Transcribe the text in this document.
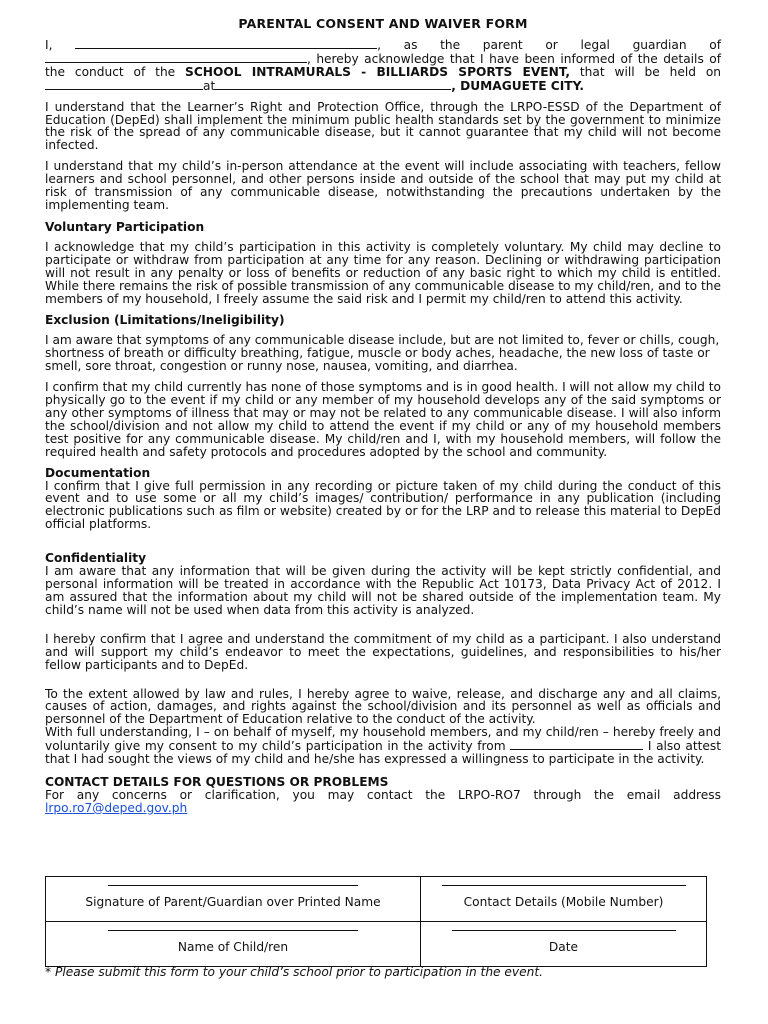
PARENTAL CONSENT AND WAIVER FORM

I,	, as the parent or legal guardian of , hereby acknowledge that I have been informed of the details of the conduct of the SCHOOL INTRAMURALS - BILLIARDS SPORTS EVENT, that will be held on at	, DUMAGUETE CITY.

I understand that the Learner’s Right and Protection Office, through the LRPO-ESSD of the Department of Education (DepEd) shall implement the minimum public health standards set by the government to minimize the risk of the spread of any communicable disease, but it cannot guarantee that my child will not become infected.

I understand that my child’s in-person attendance at the event will include associating with teachers, fellow learners and school personnel, and other persons inside and outside of the school that may put my child at risk of transmission of any communicable disease, notwithstanding the precautions undertaken by the implementing team.

Voluntary Participation

I acknowledge that my child’s participation in this activity is completely voluntary. My child may decline to participate or withdraw from participation at any time for any reason. Declining or withdrawing participation will not result in any penalty or loss of benefits or reduction of any basic right to which my child is entitled. While there remains the risk of possible transmission of any communicable disease to my child/ren, and to the members of my household, I freely assume the said risk and I permit my child/ren to attend this activity.

Exclusion (Limitations/Ineligibility)

I am aware that symptoms of any communicable disease include, but are not limited to, fever or chills, cough, shortness of breath or difficulty breathing, fatigue, muscle or body aches, headache, the new loss of taste or smell, sore throat, congestion or runny nose, nausea, vomiting, and diarrhea.

I confirm that my child currently has none of those symptoms and is in good health. I will not allow my child to physically go to the event if my child or any member of my household develops any of the said symptoms or any other symptoms of illness that may or may not be related to any communicable disease. I will also inform the school/division and not allow my child to attend the event if my child or any of my household members test positive for any communicable disease. My child/ren and I, with my household members, will follow the required health and safety protocols and procedures adopted by the school and community.

Documentation

I confirm that I give full permission in any recording or picture taken of my child during the conduct of this event and to use some or all my child’s images/ contribution/ performance in any publication (including electronic publications such as film or website) created by or for the LRP and to release this material to DepEd official platforms.

Confidentiality

I am aware that any information that will be given during the activity will be kept strictly confidential, and personal information will be treated in accordance with the Republic Act 10173, Data Privacy Act of 2012. I am assured that the information about my child will not be shared outside of the implementation team. My child’s name will not be used when data from this activity is analyzed.

I hereby confirm that I agree and understand the commitment of my child as a participant. I also understand and will support my child’s endeavor to meet the expectations, guidelines, and responsibilities to his/her fellow participants and to DepEd.

To the extent allowed by law and rules, I hereby agree to waive, release, and discharge any and all claims, causes of action, damages, and rights against the school/division and its personnel as well as officials and personnel of the Department of Education relative to the conduct of the activity.

With full understanding, I – on behalf of myself, my household members, and my child/ren – hereby freely and voluntarily give my consent to my child’s participation in the activity from	I also attest that I had sought the views of my child and he/she has expressed a willingness to participate in the activity.

CONTACT DETAILS FOR QUESTIONS OR PROBLEMS

For any concerns or clarification, you may contact the LRPO-RO7 through the email address lrpo.ro7@deped.gov.ph

Signature of Parent/Guardian over Printed Name	Contact Details (Mobile Number)

Name of Child/ren	Date
* Please submit this form to your child’s school prior to participation in the event.
